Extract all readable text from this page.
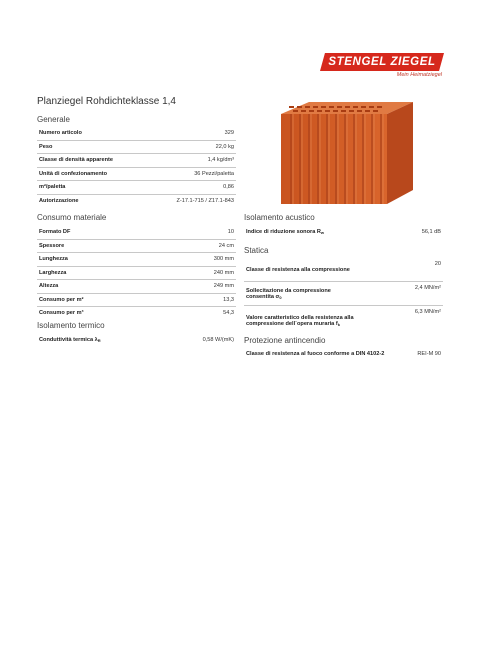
STENGEL ZIEGEL
Mein Heimatziegel
Planziegel Rohdichteklasse 1,4
Generale
Numero articolo	329
Peso	22,0 kg
Classe di densità apparente	1,4 kg/dm³
Unità di confezionamento	36 Pezzi/paletta
m²/paletta	0,86
Autorizzazione	Z-17.1-715 / Z17.1-843
Consumo materiale
Formato DF	10
Spessore	24 cm
Lunghezza	300 mm
Larghezza	240 mm
Altezza	249 mm
Consumo per m²	13,3
Consumo per m³	54,3
Isolamento termico
Conduttività termica $\lambda_R$	0,58 W/(mK)
Isolamento acustico
Indice di riduzione sonora $R_w$	56,1 dB
Statica
Classe di resistenza alla compressione	20
Sollecitazione da compressione consentita $\sigma_0$	2,4 MN/m²
Valore caratteristico della resistenza alla compressione dell´opera muraria $f_k$	6,3 MN/m²
Protezione antincendio
Classe di resistenza al fuoco conforme a DIN 4102-2	REI-M 90
